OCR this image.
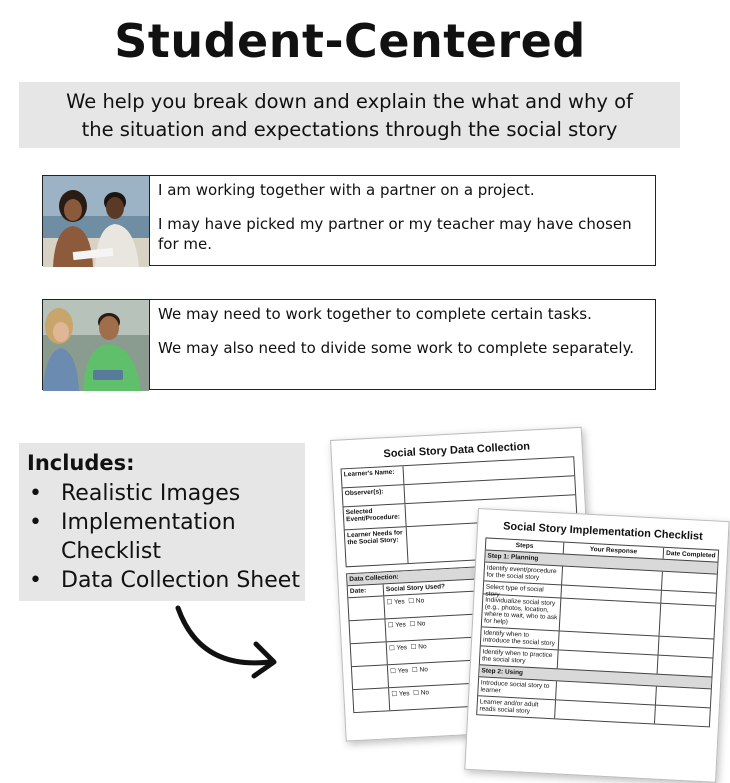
Student-Centered
We help you break down and explain the what and why of
the situation and expectations through the social story

I am working together with a partner on a project.

I may have picked my partner or my teacher may have chosen for me.

We may need to work together to complete certain tasks.

We may also need to divide some work to complete separately.

Includes:
• Realistic Images
• Implementation Checklist
• Data Collection Sheet
Social Story Data Collection
Learner's Name:
Observer(s):
Selected Event/Procedure:
Learner Needs for the Social Story:
Data Collection:
Date:	Social Story Used?
☐ Yes ☐ No
☐ Yes ☐ No
☐ Yes ☐ No
☐ Yes ☐ No
☐ Yes ☐ No
Social Story Implementation Checklist
Steps	Your Response	Date Completed
Step 1: Planning
Identify event/procedure for the social story
Select type of social story
Individualize social story (e.g., photos, location, where to wait, who to ask for help)
Identify when to introduce the social story
Identify when to practice the social story
Step 2: Using
Introduce social story to learner
Learner and/or adult reads social story
